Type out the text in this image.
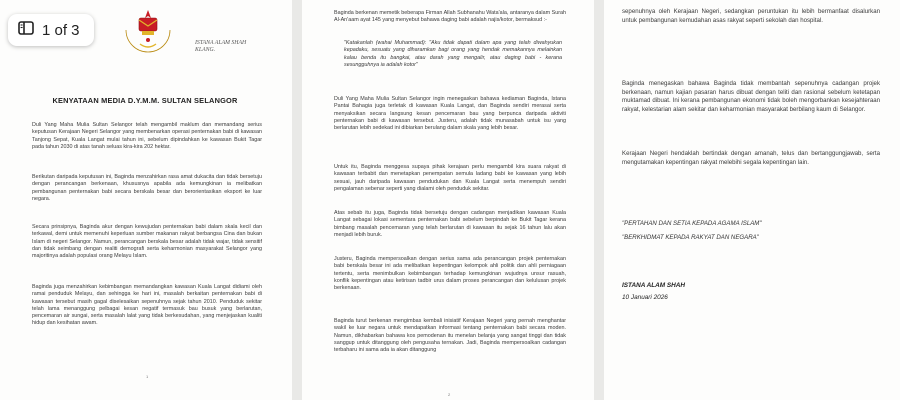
1 of 3
ISTANA ALAM SHAH
KLANG.
KENYATAAN MEDIA D.Y.M.M. SULTAN SELANGOR

Duli Yang Maha Mulia Sultan Selangor telah mengambil maklum dan memandang serius keputusan Kerajaan Negeri Selangor yang membenarkan operasi penternakan babi di kawasan Tanjong Sepat, Kuala Langat mulai tahun ini, sebelum dipindahkan ke kawasan Bukit Tagar pada tahun 2030 di atas tanah seluas kira-kira 202 hektar.

Berikutan daripada keputusan ini, Baginda menzahirkan rasa amat dukacita dan tidak bersetuju dengan perancangan berkenaan, khususnya apabila ada kemungkinan ia melibatkan pembangunan penternakan babi secara berskala besar dan berorientasikan eksport ke luar negara.

Secara prinsipnya, Baginda akur dengan kewujudan penternakan babi dalam skala kecil dan terkawal, demi untuk memenuhi keperluan sumber makanan rakyat berbangsa Cina dan bukan Islam di negeri Selangor. Namun, perancangan berskala besar adalah tidak wajar, tidak sensitif dan tidak seimbang dengan realiti demografi serta keharmonian masyarakat Selangor yang majoritinya adalah populasi orang Melayu Islam.

Baginda juga menzahirkan kebimbangan memandangkan kawasan Kuala Langat didiami oleh ramai penduduk Melayu, dan sehingga ke hari ini, masalah berkaitan penternakan babi di kawasan tersebut masih gagal diselesaikan sepenuhnya sejak tahun 2010. Penduduk sekitar telah lama menanggung pelbagai kesan negatif termasuk bau busuk yang berlarutan, pencemaran air sungai, serta masalah lalat yang tidak berkesudahan, yang menjejaskan kualiti hidup dan kesihatan awam.

1

Baginda berkenan memetik beberapa Firman Allah Subhanahu Wata'ala, antaranya dalam Surah Al-An'aam ayat 145 yang menyebut bahawa daging babi adalah najis/kotor, bermaksud :-

"Katakanlah (wahai Muhammad): "Aku tidak dapati dalam apa yang telah diwahyukan kepadaku, sesuatu yang diharamkan bagi orang yang hendak memakannya melainkan kalau benda itu bangkai, atau darah yang mengalir, atau daging babi - kerana sesungguhnya ia adalah kotor"

Duli Yang Maha Mulia Sultan Selangor ingin menegaskan bahawa kediaman Baginda, Istana Pantai Bahagia juga terletak di kawasan Kuala Langat, dan Baginda sendiri merasai serta menyaksikan secara langsung kesan pencemaran bau yang berpunca daripada aktiviti penternakan babi di kawasan tersebut. Justeru, adalah tidak munasabah untuk isu yang berlarutan lebih sedekad ini dibiarkan berulang dalam skala yang lebih besar.

Untuk itu, Baginda menggesa supaya pihak kerajaan perlu mengambil kira suara rakyat di kawasan terbabit dan menetapkan penempatan semula ladang babi ke kawasan yang lebih sesuai, jauh daripada kawasan pendudukan dan Kuala Langat serta menempuh sendiri pengalaman sebenar seperti yang dialami oleh penduduk sekitar.

Atas sebab itu juga, Baginda tidak bersetuju dengan cadangan menjadikan kawasan Kuala Langat sebagai lokasi sementara penternakan babi sebelum berpindah ke Bukit Tagar kerana bimbang masalah pencemaran yang telah berlarutan di kawasan itu sejak 16 tahun lalu akan menjadi lebih buruk.

Justeru, Baginda mempersoalkan dengan serius sama ada perancangan projek penternakan babi berskala besar ini ada melibatkan kepentingan kelompok ahli politik dan ahli perniagaan tertentu, serta menimbulkan kebimbangan terhadap kemungkinan wujudnya unsur rasuah, konflik kepentingan atau ketirisan tadbir urus dalam proses perancangan dan kelulusan projek berkenaan.

Baginda turut berkenan mengimbas kembali inisiatif Kerajaan Negeri yang pernah menghantar wakil ke luar negara untuk mendapatkan informasi tentang penternakan babi secara moden. Namun, dikhabarkan bahawa kos pemodenan itu menelan belanja yang sangat tinggi dan tidak sanggup untuk ditanggung oleh pengusaha ternakan. Jadi, Baginda mempersoalkan cadangan terbaharu ini sama ada ia akan ditanggung

2

sepenuhnya oleh Kerajaan Negeri, sedangkan peruntukan itu lebih bermanfaat disalurkan untuk pembangunan kemudahan asas rakyat seperti sekolah dan hospital.

Baginda menegaskan bahawa Baginda tidak membantah sepenuhnya cadangan projek berkenaan, namun kajian pasaran harus dibuat dengan teliti dan rasional sebelum ketetapan muktamad dibuat. Ini kerana pembangunan ekonomi tidak boleh mengorbankan kesejahteraan rakyat, kelestarian alam sekitar dan keharmonian masyarakat berbilang kaum di Selangor.

Kerajaan Negeri hendaklah bertindak dengan amanah, telus dan bertanggungjawab, serta mengutamakan kepentingan rakyat melebihi segala kepentingan lain.

"PERTAHAN DAN SETIA KEPADA AGAMA ISLAM"
"BERKHIDMAT KEPADA RAKYAT DAN NEGARA"
ISTANA ALAM SHAH
10 Januari 2026
